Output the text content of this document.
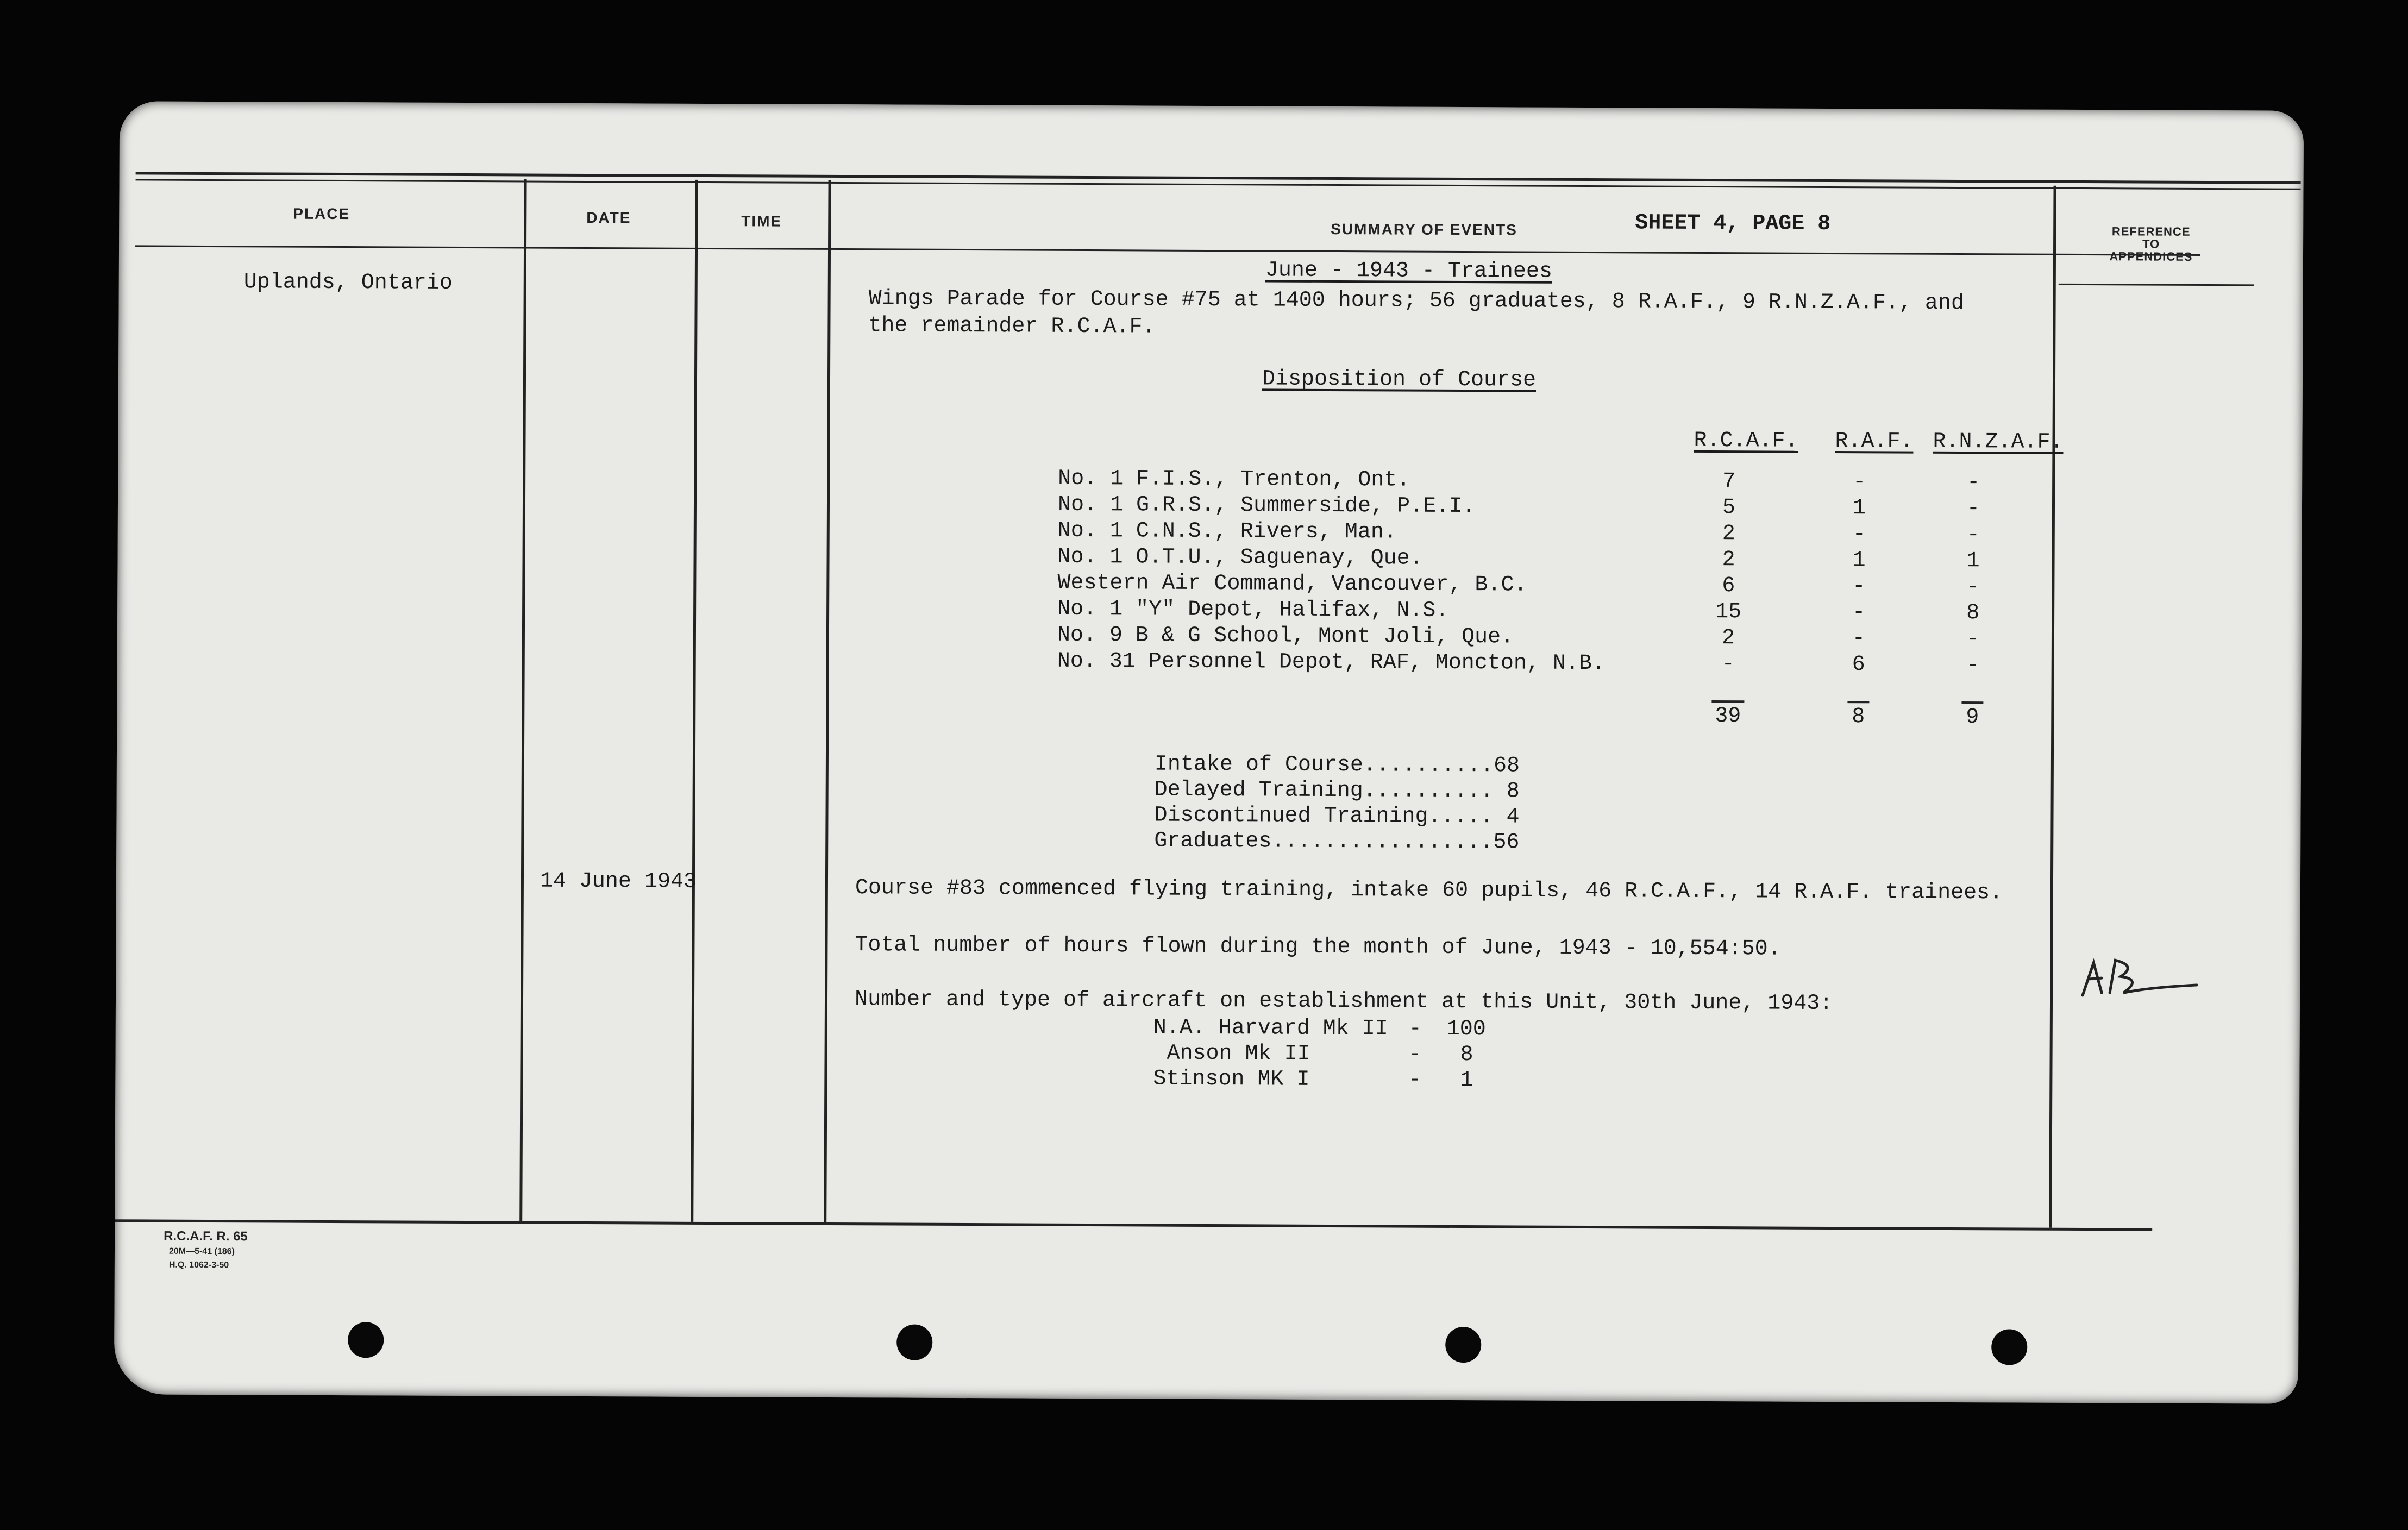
PLACE	DATE	TIME	SUMMARY OF EVENTS	SHEET 4, PAGE 8	REFERENCE
TO
APPENDICES
Uplands, Ontario	June - 1943 - Trainees
Wings Parade for Course #75 at 1400 hours; 56 graduates, 8 R.A.F., 9 R.N.Z.A.F., and
the remainder R.C.A.F.
Disposition of Course
R.C.A.F. R.A.F. R.N.Z.A.F.
No. 1 F.I.S., Trenton, Ont.	7	-	-
No. 1 G.R.S., Summerside, P.E.I.	5	1	-
No. 1 C.N.S., Rivers, Man.	2	-	-
No. 1 O.T.U., Saguenay, Que.	2	1	1
Western Air Command, Vancouver, B.C.	6	-	-
No. 1 "Y" Depot, Halifax, N.S.	15	-	8
No. 9 B & G School, Mont Joli, Que.	2	-	-
No. 31 Personnel Depot, RAF, Moncton, N.B.	-	6	-
39	8	9
Intake of Course..........68
Delayed Training.......... 8
Discontinued Training..... 4
Graduates.................56
14 June 1943	Course #83 commenced flying training, intake 60 pupils, 46 R.C.A.F., 14 R.A.F. trainees.
Total number of hours flown during the month of June, 1943 - 10,554:50.
Number and type of aircraft on establishment at this Unit, 30th June, 1943:
N.A. Harvard Mk II - 100
Anson Mk II	- 8
Stinson MK I	- 1
R.C.A.F. R. 65
20M—5-41 (186)
H.Q. 1062-3-50
